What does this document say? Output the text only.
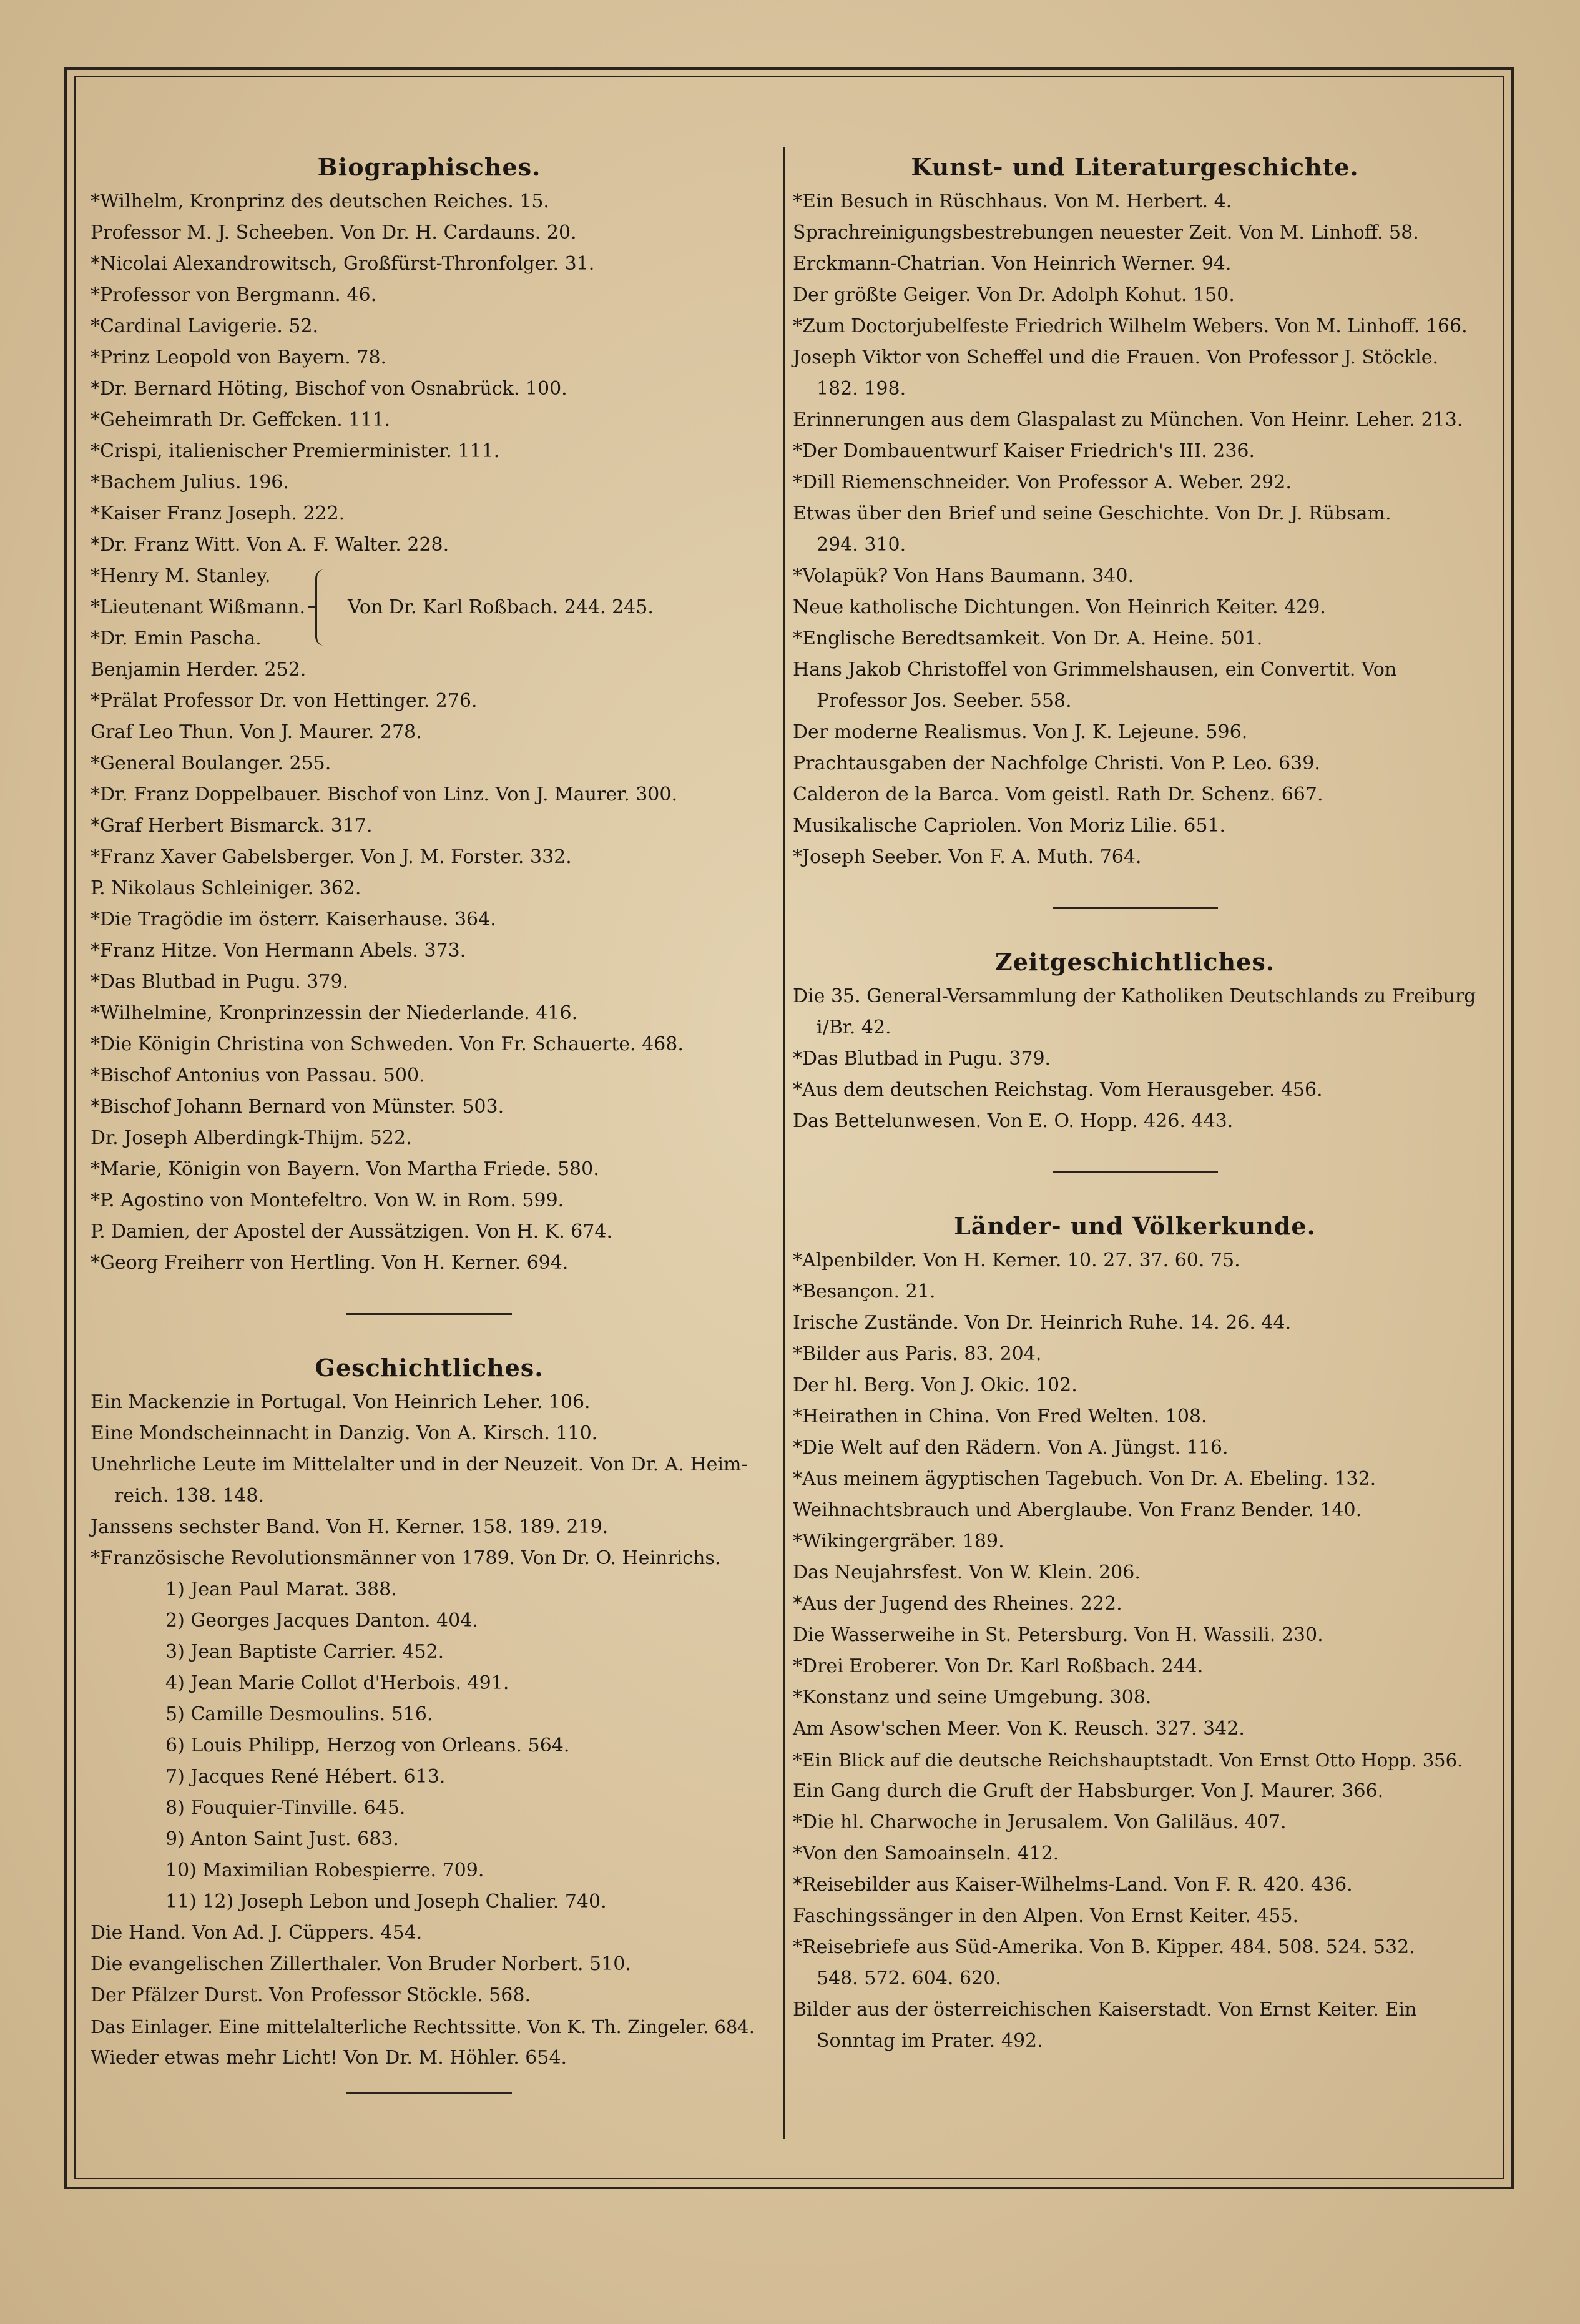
Biographisches.
*Wilhelm, Kronprinz des deutschen Reiches. 15.
Professor M. J. Scheeben. Von Dr. H. Cardauns. 20.
*Nicolai Alexandrowitsch, Großfürst-Thronfolger. 31.
*Professor von Bergmann. 46.
*Cardinal Lavigerie. 52.
*Prinz Leopold von Bayern. 78.
*Dr. Bernard Höting, Bischof von Osnabrück. 100.
*Geheimrath Dr. Geffcken. 111.
*Crispi, italienischer Premierminister. 111.
*Bachem Julius. 196.
*Kaiser Franz Joseph. 222.
*Dr. Franz Witt. Von A. F. Walter. 228.
*Henry M. Stanley.
*Lieutenant Wißmann.
*Dr. Emin Pascha.
Von Dr. Karl Roßbach. 244. 245.
Benjamin Herder. 252.
*Prälat Professor Dr. von Hettinger. 276.
Graf Leo Thun. Von J. Maurer. 278.
*General Boulanger. 255.
*Dr. Franz Doppelbauer. Bischof von Linz. Von J. Maurer. 300.
*Graf Herbert Bismarck. 317.
*Franz Xaver Gabelsberger. Von J. M. Forster. 332.
P. Nikolaus Schleiniger. 362.
*Die Tragödie im österr. Kaiserhause. 364.
*Franz Hitze. Von Hermann Abels. 373.
*Das Blutbad in Pugu. 379.
*Wilhelmine, Kronprinzessin der Niederlande. 416.
*Die Königin Christina von Schweden. Von Fr. Schauerte. 468.
*Bischof Antonius von Passau. 500.
*Bischof Johann Bernard von Münster. 503.
Dr. Joseph Alberdingk-Thijm. 522.
*Marie, Königin von Bayern. Von Martha Friede. 580.
*P. Agostino von Montefeltro. Von W. in Rom. 599.
P. Damien, der Apostel der Aussätzigen. Von H. K. 674.
*Georg Freiherr von Hertling. Von H. Kerner. 694.
Geschichtliches.
Ein Mackenzie in Portugal. Von Heinrich Leher. 106.
Eine Mondscheinnacht in Danzig. Von A. Kirsch. 110.
Unehrliche Leute im Mittelalter und in der Neuzeit. Von Dr. A. Heim-
reich. 138. 148.
Janssens sechster Band. Von H. Kerner. 158. 189. 219.
*Französische Revolutionsmänner von 1789. Von Dr. O. Heinrichs.
1) Jean Paul Marat. 388.
2) Georges Jacques Danton. 404.
3) Jean Baptiste Carrier. 452.
4) Jean Marie Collot d'Herbois. 491.
5) Camille Desmoulins. 516.
6) Louis Philipp, Herzog von Orleans. 564.
7) Jacques René Hébert. 613.
8) Fouquier-Tinville. 645.
9) Anton Saint Just. 683.
10) Maximilian Robespierre. 709.
11) 12) Joseph Lebon und Joseph Chalier. 740.
Die Hand. Von Ad. J. Cüppers. 454.
Die evangelischen Zillerthaler. Von Bruder Norbert. 510.
Der Pfälzer Durst. Von Professor Stöckle. 568.
Das Einlager. Eine mittelalterliche Rechtssitte. Von K. Th. Zingeler. 684.
Wieder etwas mehr Licht! Von Dr. M. Höhler. 654.
Kunst- und Literaturgeschichte.
*Ein Besuch in Rüschhaus. Von M. Herbert. 4.
Sprachreinigungsbestrebungen neuester Zeit. Von M. Linhoff. 58.
Erckmann-Chatrian. Von Heinrich Werner. 94.
Der größte Geiger. Von Dr. Adolph Kohut. 150.
*Zum Doctorjubelfeste Friedrich Wilhelm Webers. Von M. Linhoff. 166.
Joseph Viktor von Scheffel und die Frauen. Von Professor J. Stöckle.
182. 198.
Erinnerungen aus dem Glaspalast zu München. Von Heinr. Leher. 213.
*Der Dombauentwurf Kaiser Friedrich's III. 236.
*Dill Riemenschneider. Von Professor A. Weber. 292.
Etwas über den Brief und seine Geschichte. Von Dr. J. Rübsam.
294. 310.
*Volapük? Von Hans Baumann. 340.
Neue katholische Dichtungen. Von Heinrich Keiter. 429.
*Englische Beredtsamkeit. Von Dr. A. Heine. 501.
Hans Jakob Christoffel von Grimmelshausen, ein Convertit. Von
Professor Jos. Seeber. 558.
Der moderne Realismus. Von J. K. Lejeune. 596.
Prachtausgaben der Nachfolge Christi. Von P. Leo. 639.
Calderon de la Barca. Vom geistl. Rath Dr. Schenz. 667.
Musikalische Capriolen. Von Moriz Lilie. 651.
*Joseph Seeber. Von F. A. Muth. 764.
Zeitgeschichtliches.
Die 35. General-Versammlung der Katholiken Deutschlands zu Freiburg
i/Br. 42.
*Das Blutbad in Pugu. 379.
*Aus dem deutschen Reichstag. Vom Herausgeber. 456.
Das Bettelunwesen. Von E. O. Hopp. 426. 443.
Länder- und Völkerkunde.
*Alpenbilder. Von H. Kerner. 10. 27. 37. 60. 75.
*Besançon. 21.
Irische Zustände. Von Dr. Heinrich Ruhe. 14. 26. 44.
*Bilder aus Paris. 83. 204.
Der hl. Berg. Von J. Okic. 102.
*Heirathen in China. Von Fred Welten. 108.
*Die Welt auf den Rädern. Von A. Jüngst. 116.
*Aus meinem ägyptischen Tagebuch. Von Dr. A. Ebeling. 132.
Weihnachtsbrauch und Aberglaube. Von Franz Bender. 140.
*Wikingergräber. 189.
Das Neujahrsfest. Von W. Klein. 206.
*Aus der Jugend des Rheines. 222.
Die Wasserweihe in St. Petersburg. Von H. Wassili. 230.
*Drei Eroberer. Von Dr. Karl Roßbach. 244.
*Konstanz und seine Umgebung. 308.
Am Asow'schen Meer. Von K. Reusch. 327. 342.
*Ein Blick auf die deutsche Reichshauptstadt. Von Ernst Otto Hopp. 356.
Ein Gang durch die Gruft der Habsburger. Von J. Maurer. 366.
*Die hl. Charwoche in Jerusalem. Von Galiläus. 407.
*Von den Samoainseln. 412.
*Reisebilder aus Kaiser-Wilhelms-Land. Von F. R. 420. 436.
Faschingssänger in den Alpen. Von Ernst Keiter. 455.
*Reisebriefe aus Süd-Amerika. Von B. Kipper. 484. 508. 524. 532.
548. 572. 604. 620.
Bilder aus der österreichischen Kaiserstadt. Von Ernst Keiter. Ein
Sonntag im Prater. 492.
